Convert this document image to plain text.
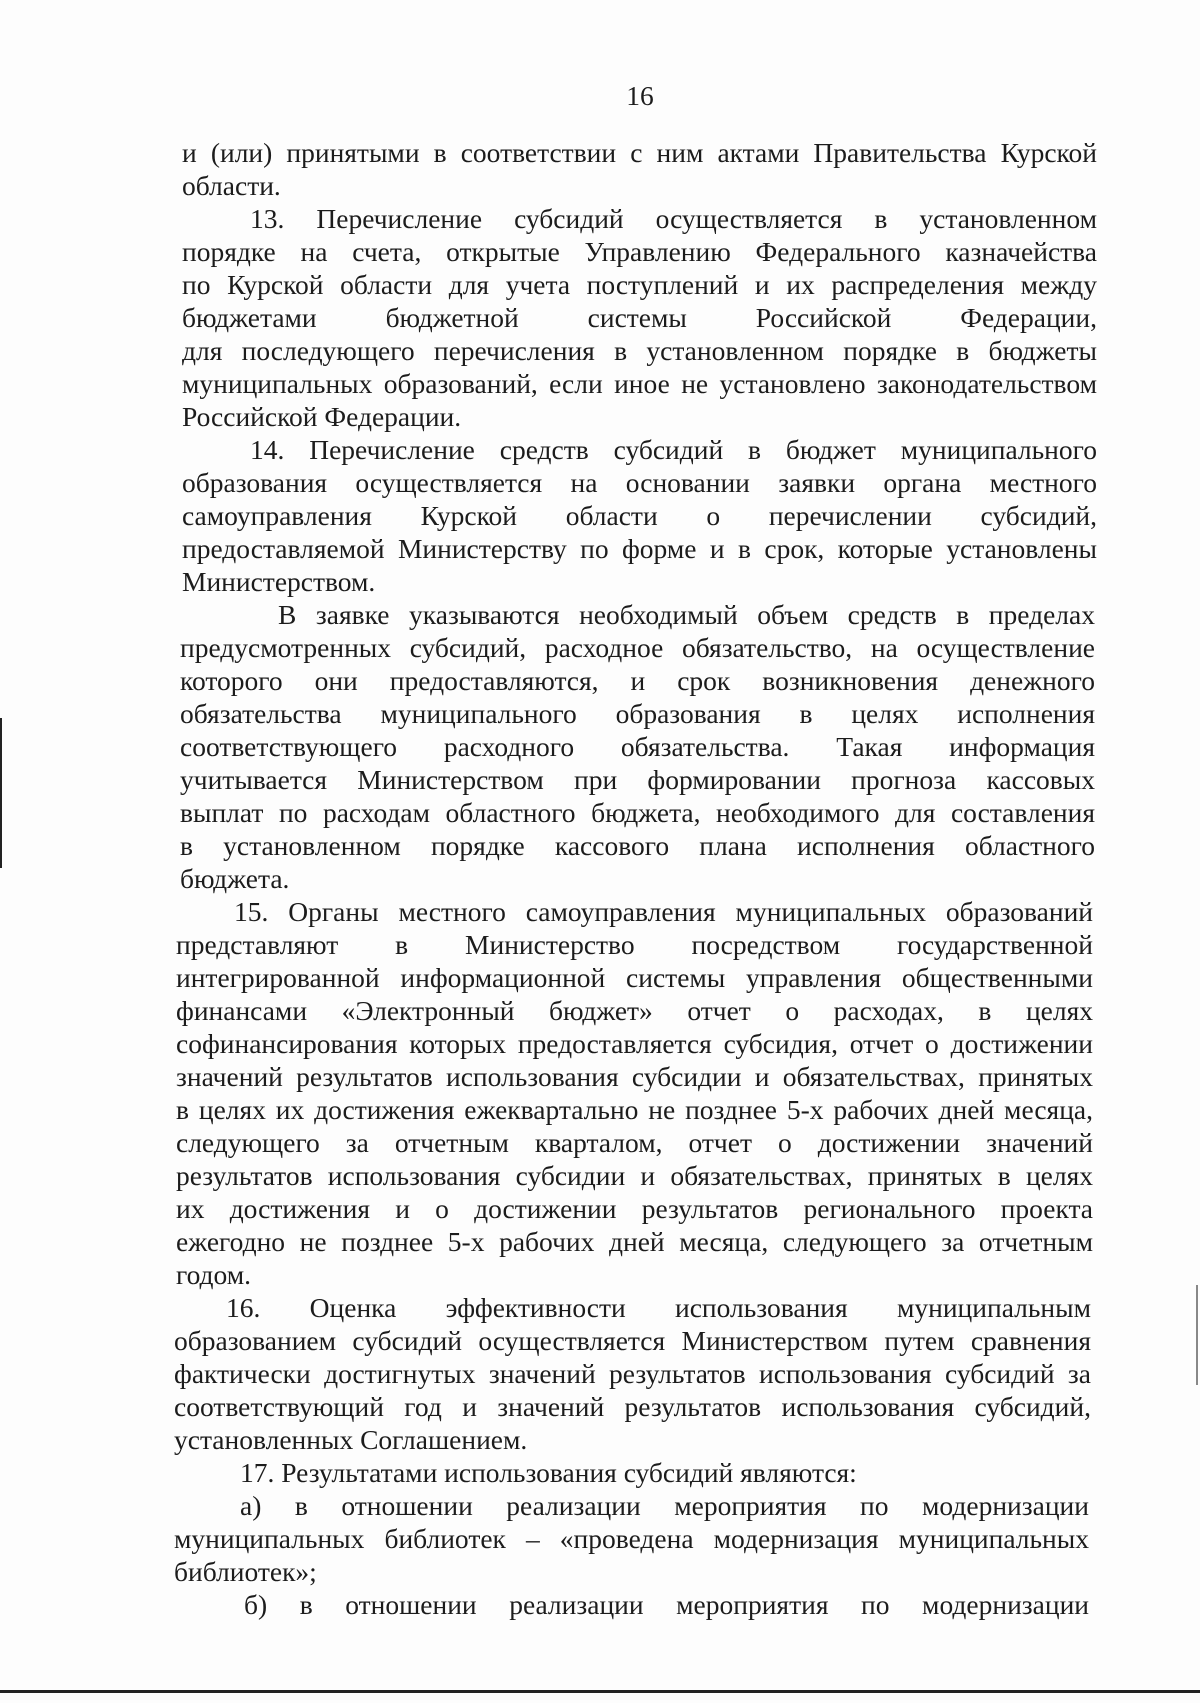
16
и (или) принятыми в соответствии с ним актами Правительства Курской
области.
13. Перечисление субсидий осуществляется в установленном
порядке на счета, открытые Управлению Федерального казначейства
по Курской области для учета поступлений и их распределения между
бюджетами бюджетной системы Российской Федерации,
для последующего перечисления в установленном порядке в бюджеты
муниципальных образований, если иное не установлено законодательством
Российской Федерации.
14. Перечисление средств субсидий в бюджет муниципального
образования осуществляется на основании заявки органа местного
самоуправления Курской области о перечислении субсидий,
предоставляемой Министерству по форме и в срок, которые установлены
Министерством.
В заявке указываются необходимый объем средств в пределах
предусмотренных субсидий, расходное обязательство, на осуществление
которого они предоставляются, и срок возникновения денежного
обязательства муниципального образования в целях исполнения
соответствующего расходного обязательства. Такая информация
учитывается Министерством при формировании прогноза кассовых
выплат по расходам областного бюджета, необходимого для составления
в установленном порядке кассового плана исполнения областного
бюджета.
15. Органы местного самоуправления муниципальных образований
представляют в Министерство посредством государственной
интегрированной информационной системы управления общественными
финансами «Электронный бюджет» отчет о расходах, в целях
софинансирования которых предоставляется субсидия, отчет о достижении
значений результатов использования субсидии и обязательствах, принятых
в целях их достижения ежеквартально не позднее 5-х рабочих дней месяца,
следующего за отчетным кварталом, отчет о достижении значений
результатов использования субсидии и обязательствах, принятых в целях
их достижения и о достижении результатов регионального проекта
ежегодно не позднее 5-х рабочих дней месяца, следующего за отчетным
годом.
16. Оценка эффективности использования муниципальным
образованием субсидий осуществляется Министерством путем сравнения
фактически достигнутых значений результатов использования субсидий за
соответствующий год и значений результатов использования субсидий,
установленных Соглашением.
17. Результатами использования субсидий являются:
а) в отношении реализации мероприятия по модернизации
муниципальных библиотек – «проведена модернизация муниципальных
библиотек»;
б) в отношении реализации мероприятия по модернизации
